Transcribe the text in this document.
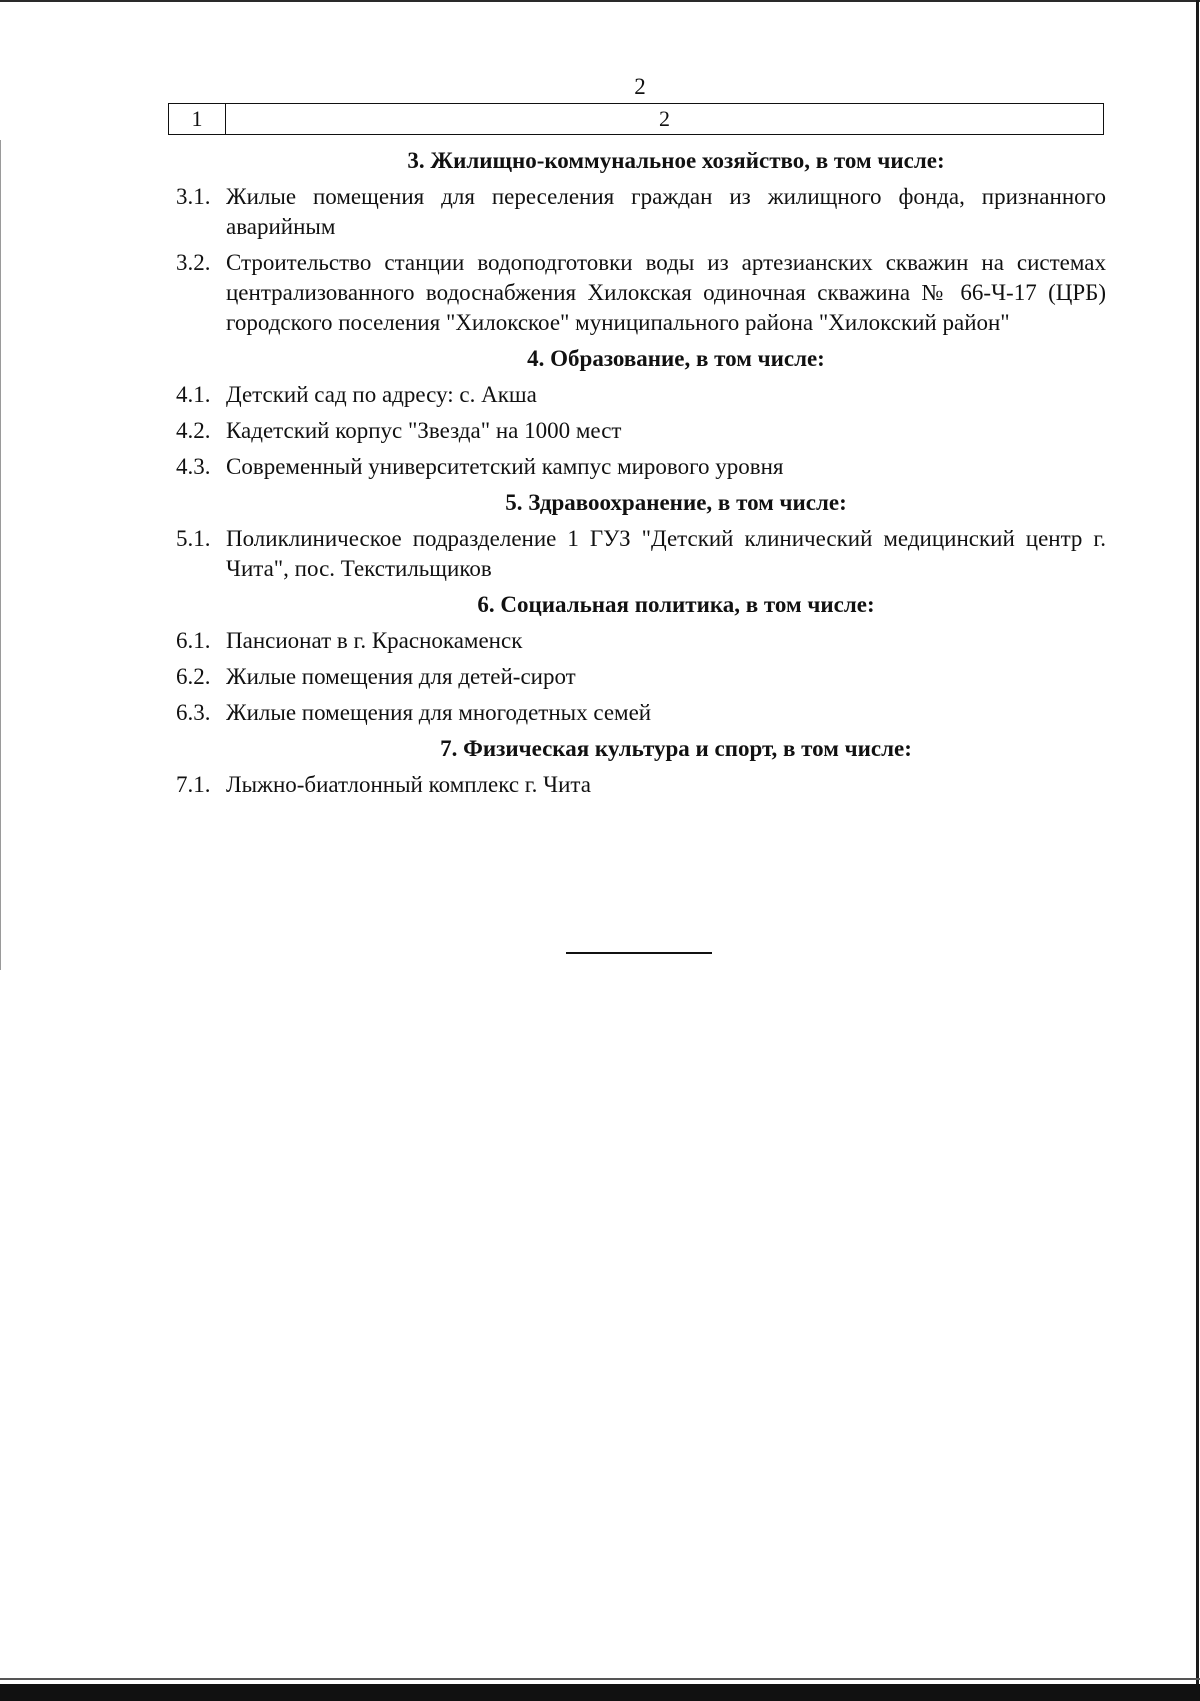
2
1	2
3. Жилищно-коммунальное хозяйство, в том числе:
3.1. Жилые помещения для переселения граждан из жилищного фонда, признанного аварийным
3.2. Строительство станции водоподготовки воды из артезианских скважин на системах централизованного водоснабжения Хилокская одиночная скважина № 66-Ч-17 (ЦРБ) городского поселения "Хилокское" муниципального района "Хилокский район"
4. Образование, в том числе:
4.1. Детский сад по адресу: с. Акша
4.2. Кадетский корпус "Звезда" на 1000 мест
4.3. Современный университетский кампус мирового уровня
5. Здравоохранение, в том числе:
5.1. Поликлиническое подразделение 1 ГУЗ "Детский клинический медицинский центр г. Чита", пос. Текстильщиков
6. Социальная политика, в том числе:
6.1. Пансионат в г. Краснокаменск
6.2. Жилые помещения для детей-сирот
6.3. Жилые помещения для многодетных семей
7. Физическая культура и спорт, в том числе:
7.1. Лыжно-биатлонный комплекс г. Чита
